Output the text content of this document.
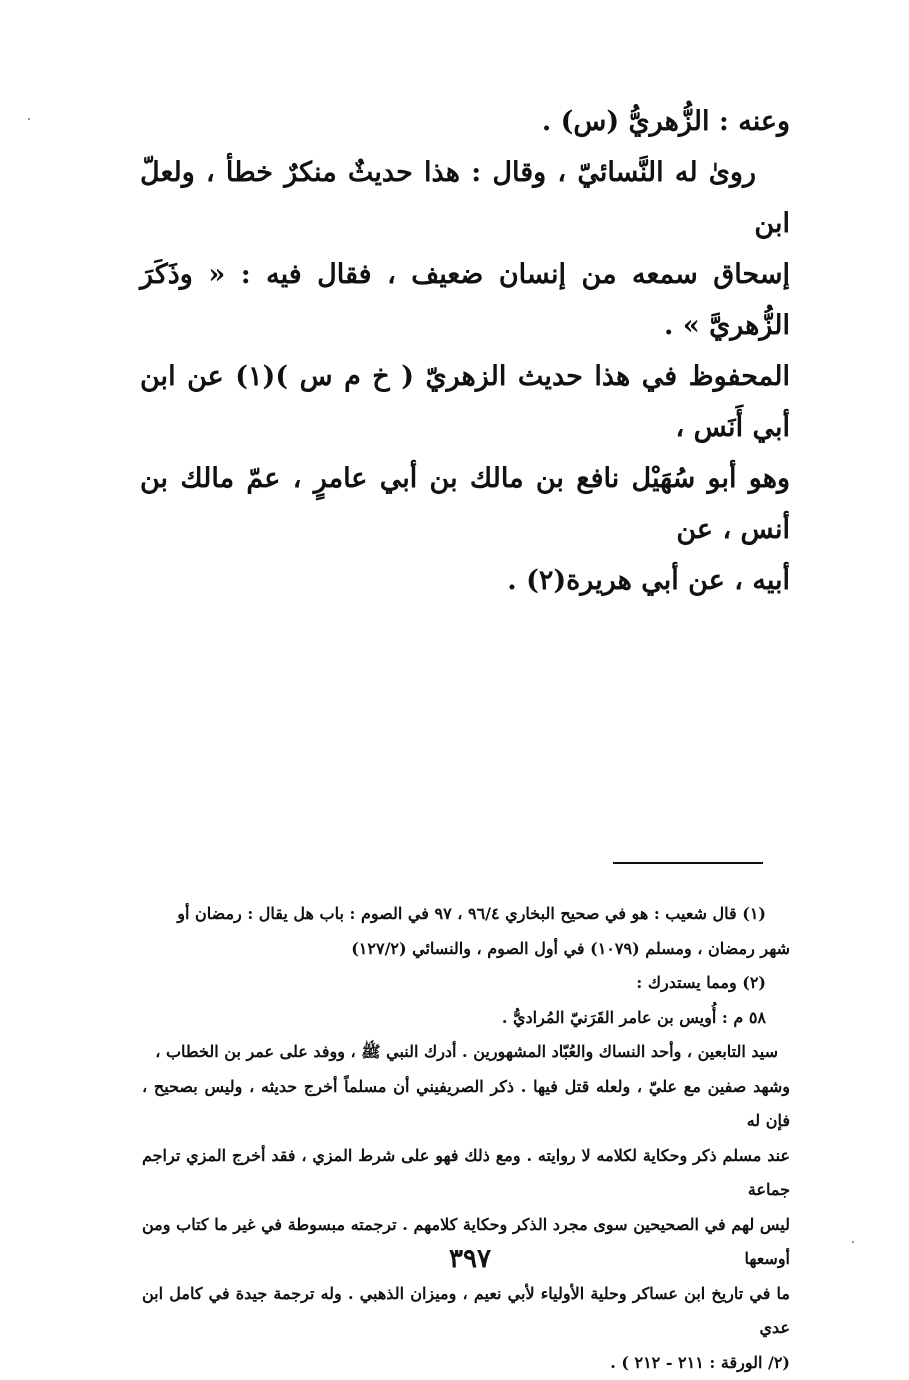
وعنه : الزُّهريُّ (س) .

رویٰ له النَّسائيّ ، وقال : هذا حديثٌ منكرٌ خطأ ، ولعلّ ابن

إسحاق سمعه من إنسان ضعيف ، فقال فيه : « وذَكَرَ الزُّهريَّ » .

المحفوظ في هذا حديث الزهريّ ( خ م س )(١) عن ابن أبي أَنَس ،

وهو أبو سُهَيْل نافع بن مالك بن أبي عامرٍ ، عمّ مالك بن أنس ، عن

أبيه ، عن أبي هريرة(٢) .

(١) قال شعيب : هو في صحيح البخاري ٩٦/٤ ، ٩٧ في الصوم : باب هل يقال : رمضان أو

شهر رمضان ، ومسلم (١٠٧٩) في أول الصوم ، والنسائي (١٢٧/٢)

(٢) ومما يستدرك :

٥٨ م : أُويس بن عامر القَرَنيّ المُراديُّ .

سيد التابعين ، وأحد النساك والعُبّاد المشهورين . أدرك النبي ﷺ ، ووفد على عمر بن الخطاب ،

وشهد صفين مع عليّ ، ولعله قتل فيها . ذكر الصريفيني أن مسلماً أخرج حديثه ، وليس بصحيح ، فإن له

عند مسلم ذكر وحكاية لكلامه لا روايته . ومع ذلك فهو على شرط المزي ، فقد أخرج المزي تراجم جماعة

ليس لهم في الصحيحين سوى مجرد الذكر وحكاية كلامهم . ترجمته مبسوطة في غير ما كتاب ومن أوسعها

ما في تاريخ ابن عساكر وحلية الأولياء لأبي نعيم ، وميزان الذهبي . وله ترجمة جيدة في كامل ابن عدي

(٢/ الورقة : ٢١١ - ٢١٢ ) .

٣٩٧
